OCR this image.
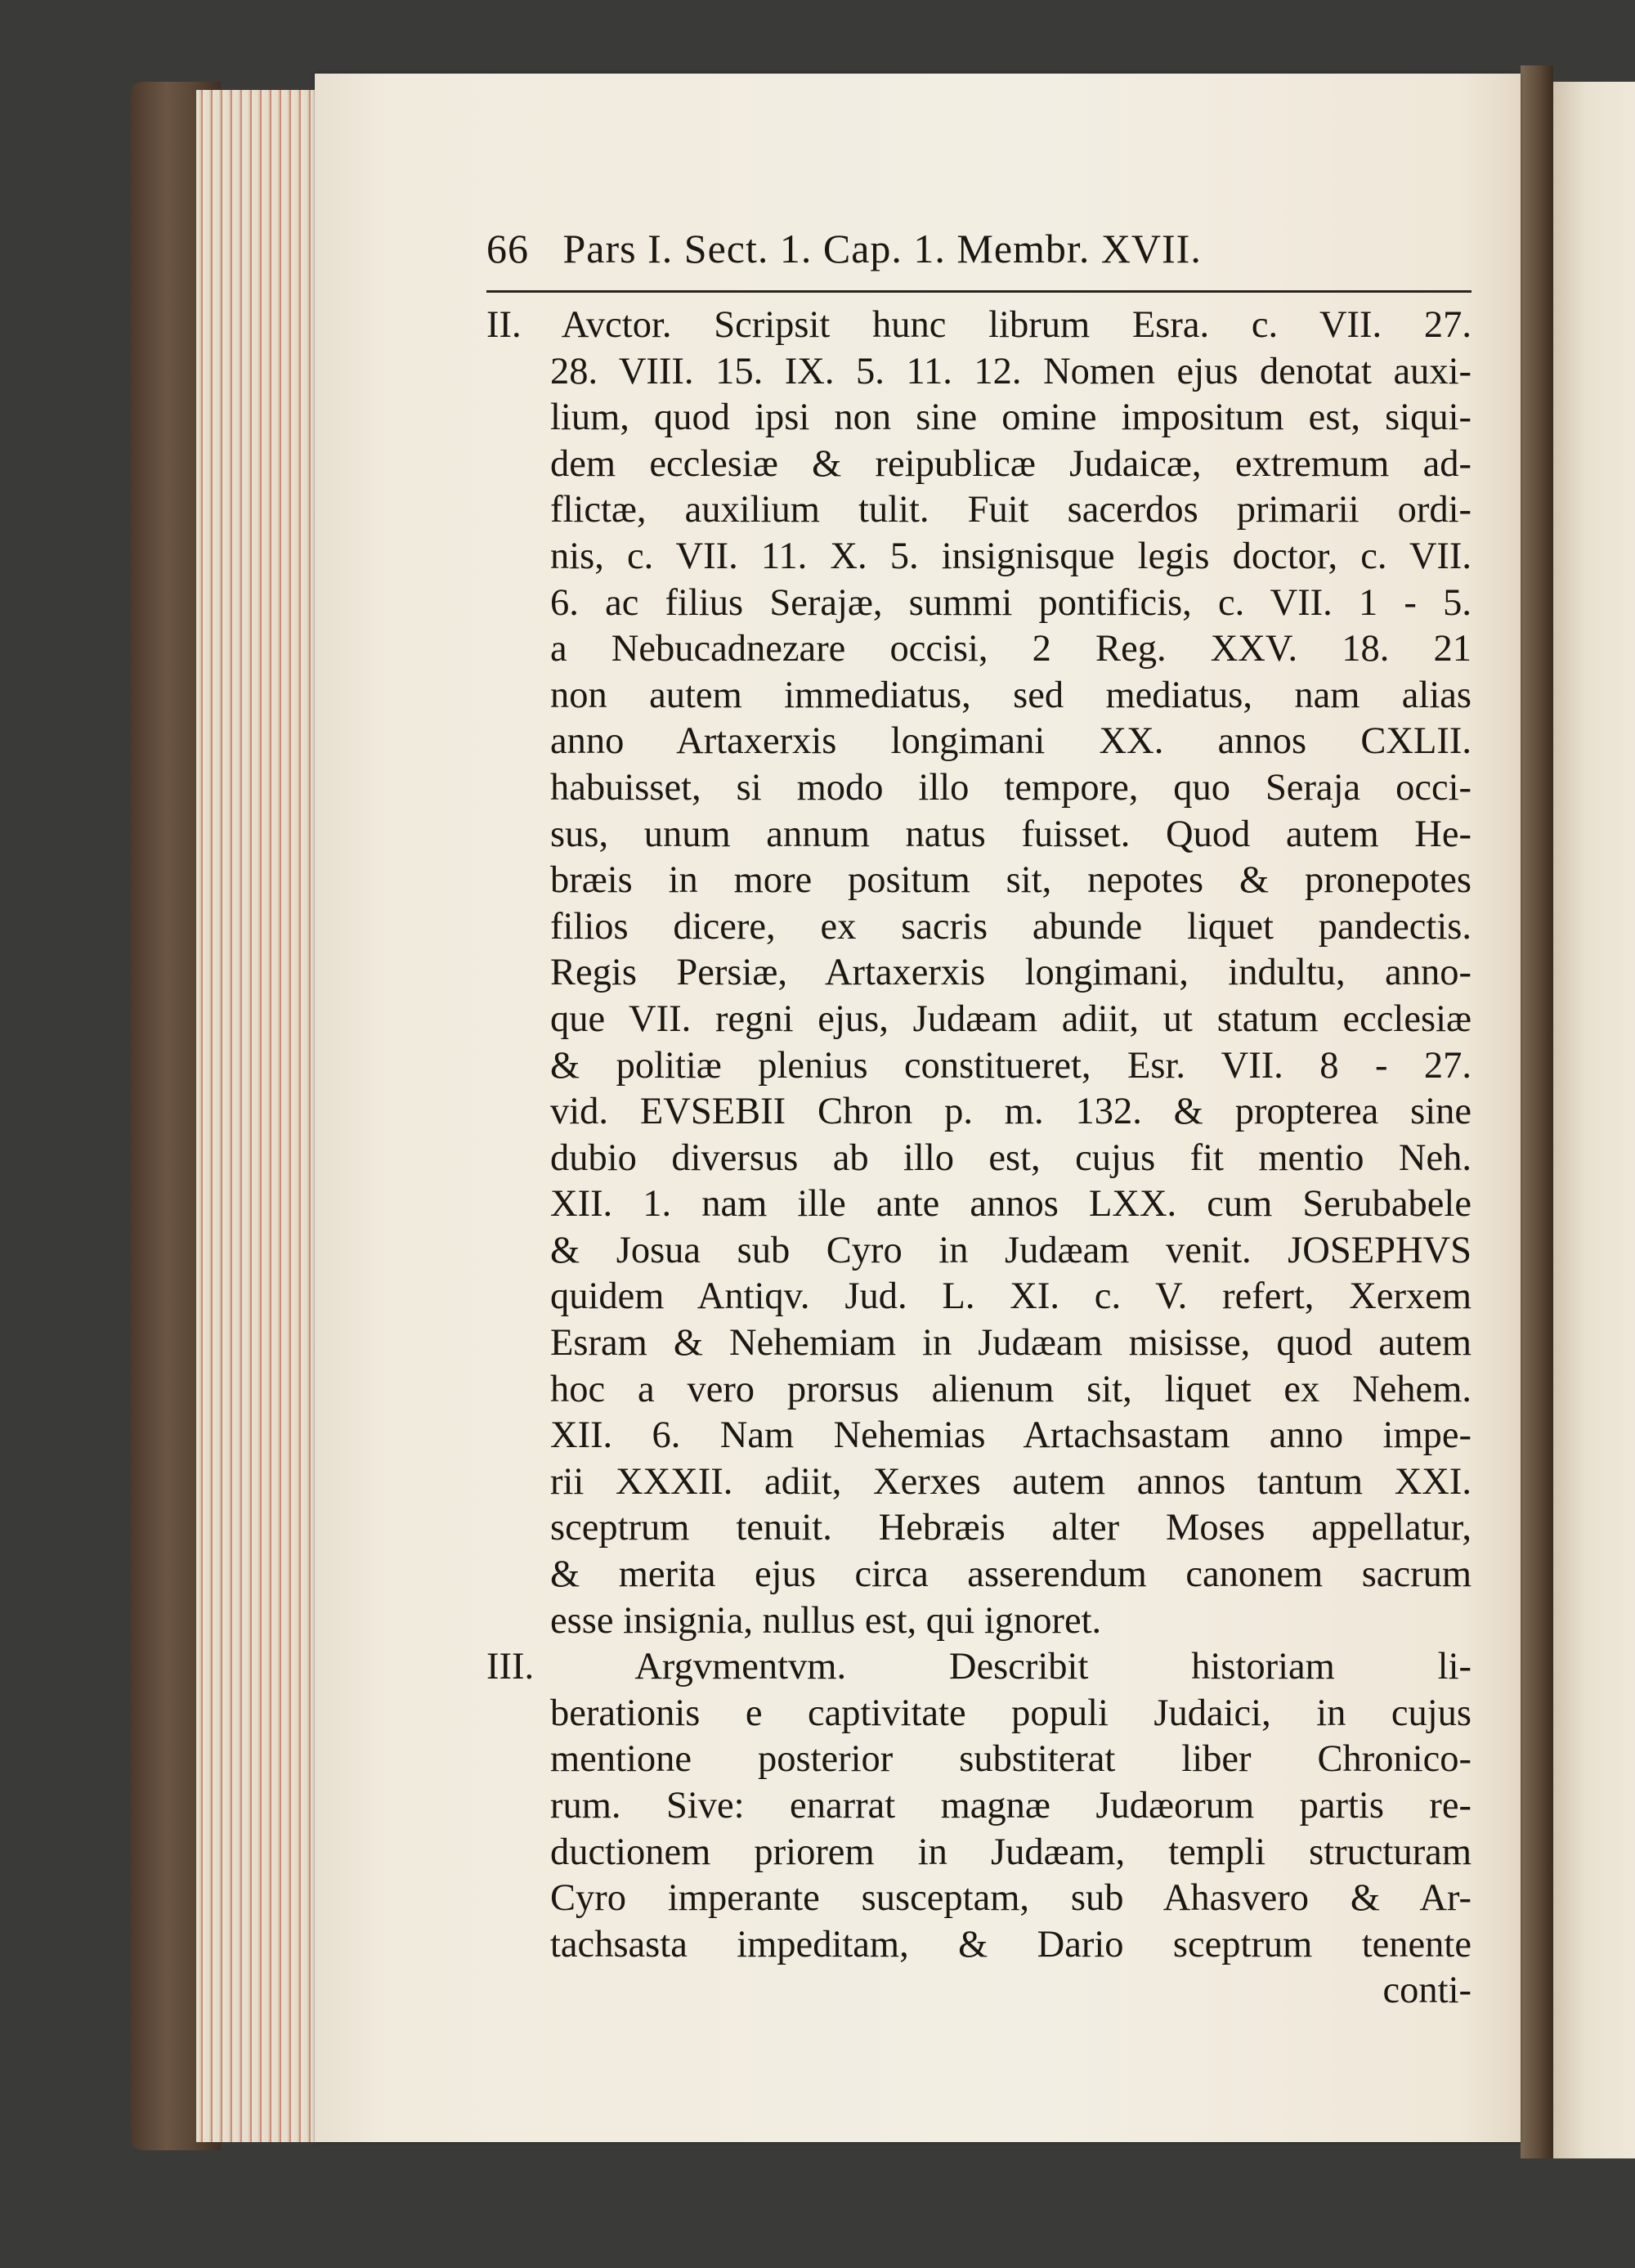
66 Pars I. Sect. 1. Cap. 1. Membr. XVII.
II. Avctor. Scripsit hunc librum Esra. c. VII. 27.
28. VIII. 15. IX. 5. 11. 12. Nomen ejus denotat auxi-
lium, quod ipsi non sine omine impositum est, siqui-
dem ecclesiæ & reipublicæ Judaicæ, extremum ad-
flictæ, auxilium tulit. Fuit sacerdos primarii ordi-
nis, c. VII. 11. X. 5. insignisque legis doctor, c. VII.
6. ac filius Serajæ, summi pontificis, c. VII. 1 - 5.
a Nebucadnezare occisi, 2 Reg. XXV. 18. 21
non autem immediatus, sed mediatus, nam alias
anno Artaxerxis longimani XX. annos CXLII.
habuisset, si modo illo tempore, quo Seraja occi-
sus, unum annum natus fuisset. Quod autem He-
bræis in more positum sit, nepotes & pronepotes
filios dicere, ex sacris abunde liquet pandectis.
Regis Persiæ, Artaxerxis longimani, indultu, anno-
que VII. regni ejus, Judæam adiit, ut statum ecclesiæ
& politiæ plenius constitueret, Esr. VII. 8 - 27.
vid. EVSEBII Chron p. m. 132. & propterea sine
dubio diversus ab illo est, cujus fit mentio Neh.
XII. 1. nam ille ante annos LXX. cum Serubabele
& Josua sub Cyro in Judæam venit. JOSEPHVS
quidem Antiqv. Jud. L. XI. c. V. refert, Xerxem
Esram & Nehemiam in Judæam misisse, quod autem
hoc a vero prorsus alienum sit, liquet ex Nehem.
XII. 6. Nam Nehemias Artachsastam anno impe-
rii XXXII. adiit, Xerxes autem annos tantum XXI.
sceptrum tenuit. Hebræis alter Moses appellatur,
& merita ejus circa asserendum canonem sacrum
esse insignia, nullus est, qui ignoret.
III. Argvmentvm. Describit historiam li-
berationis e captivitate populi Judaici, in cujus
mentione posterior substiterat liber Chronico-
rum. Sive: enarrat magnæ Judæorum partis re-
ductionem priorem in Judæam, templi structuram
Cyro imperante susceptam, sub Ahasvero & Ar-
tachsasta impeditam, & Dario sceptrum tenente
conti-
